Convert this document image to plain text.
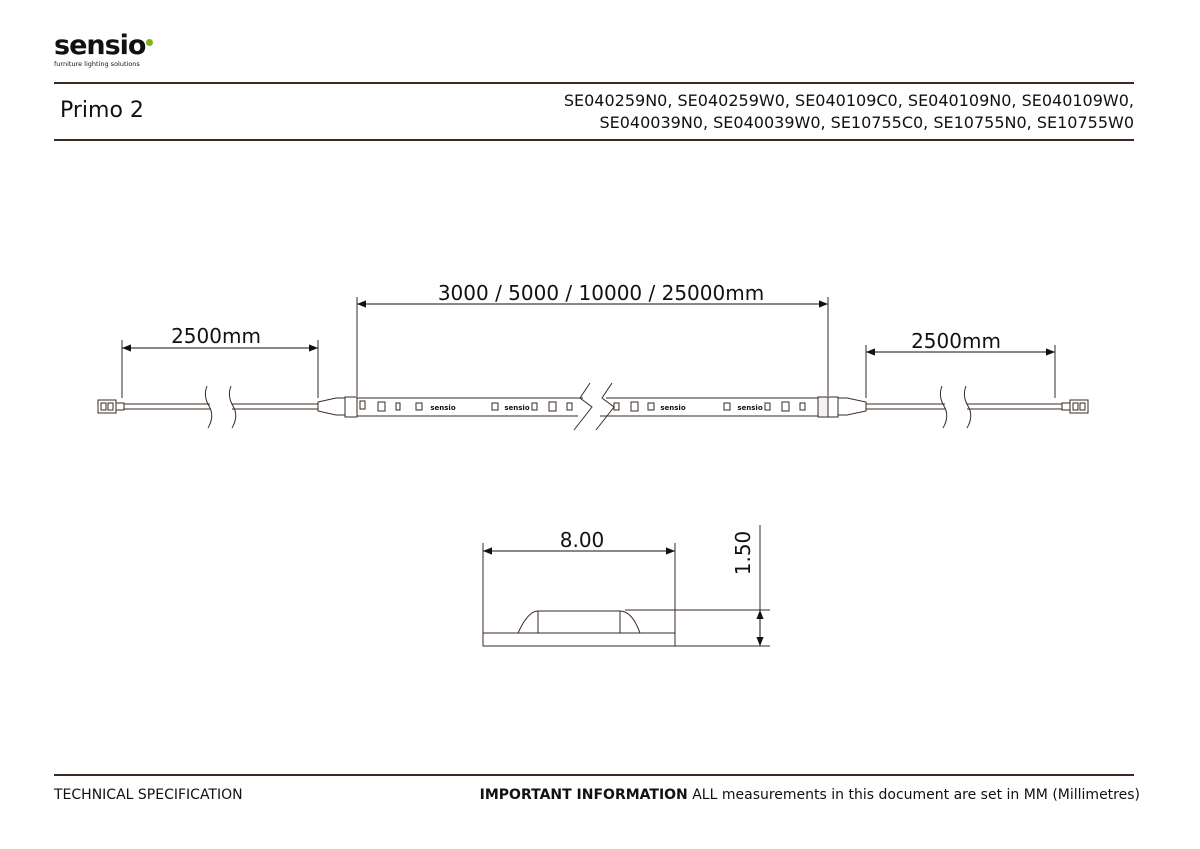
sensio
furniture lighting solutions
Primo 2	SE040259N0, SE040259W0, SE040109C0, SE040109N0, SE040109W0,
SE040039N0, SE040039W0, SE10755C0, SE10755N0, SE10755W0
sensio	sensio	sensio	sensio
3000 / 5000 / 10000 / 25000mm
2500mm	2500mm
8.00	1.50
TECHNICAL SPECIFICATION	IMPORTANT INFORMATION ALL measurements in this document are set in MM (Millimetres)
